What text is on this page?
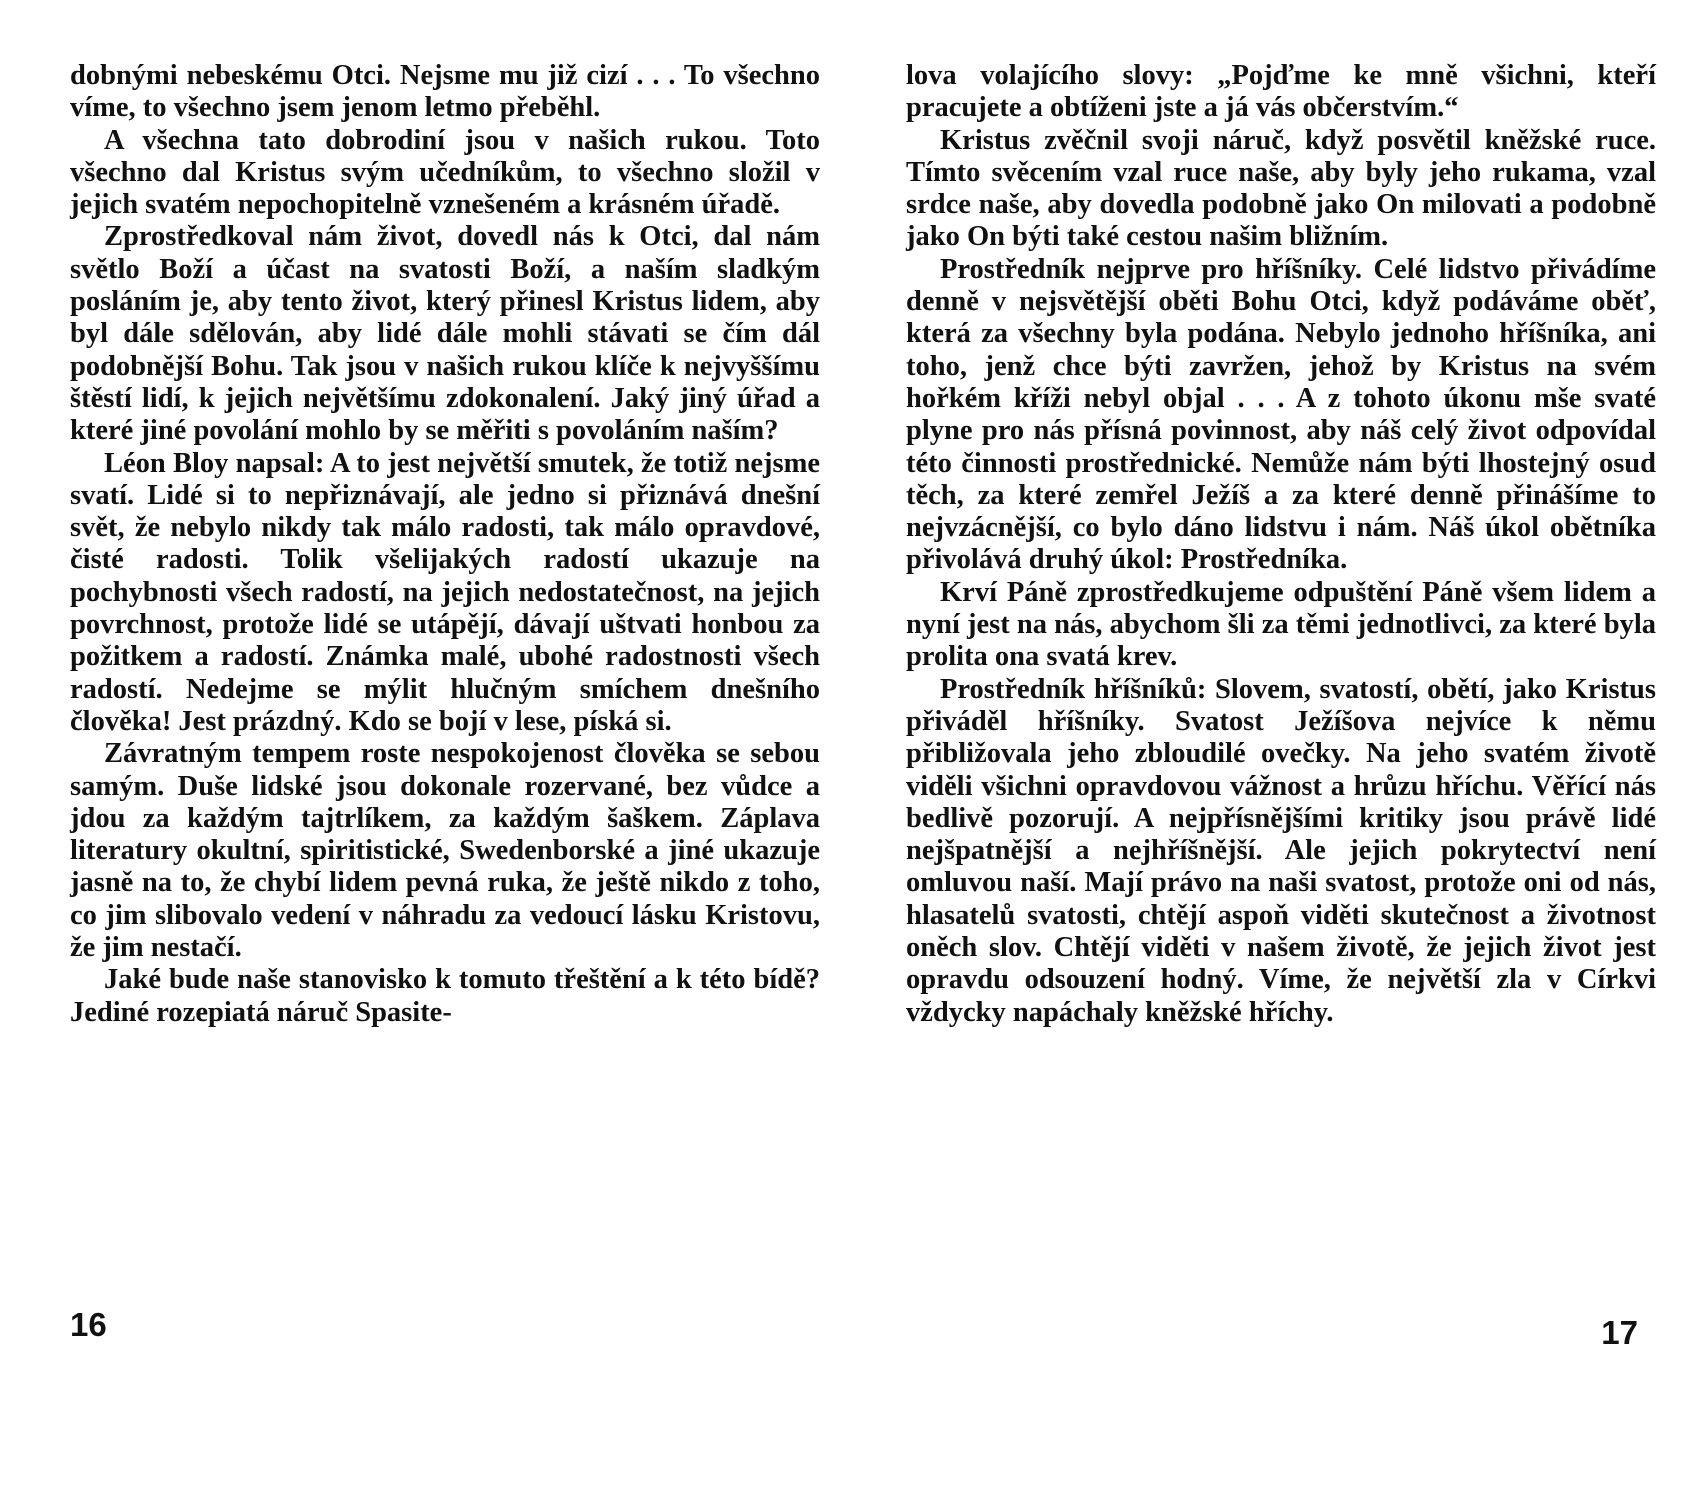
dobnými nebeskému Otci. Nejsme mu již cizí . . . To všechno víme, to všechno jsem jenom letmo přeběhl.

A všechna tato dobrodiní jsou v našich rukou. Toto všechno dal Kristus svým učedníkům, to všechno složil v jejich svatém nepochopitelně vznešeném a krásném úřadě.

Zprostředkoval nám život, dovedl nás k Otci, dal nám světlo Boží a účast na svatosti Boží, a naším sladkým posláním je, aby tento život, který přinesl Kristus lidem, aby byl dále sdělován, aby lidé dále mohli stávati se čím dál podobnější Bohu. Tak jsou v našich rukou klíče k nejvyššímu štěstí lidí, k jejich největšímu zdokonalení. Jaký jiný úřad a které jiné povolání mohlo by se měřiti s povoláním naším?

Léon Bloy napsal: A to jest největší smutek, že totiž nejsme svatí. Lidé si to nepřiznávají, ale jedno si přiznává dnešní svět, že nebylo nikdy tak málo radosti, tak málo opravdové, čisté radosti. Tolik všelijakých radostí ukazuje na pochybnosti všech radostí, na jejich nedostatečnost, na jejich povrchnost, protože lidé se utápějí, dávají uštvati honbou za požitkem a radostí. Známka malé, ubohé radostnosti všech radostí. Nedejme se mýlit hlučným smíchem dnešního člověka! Jest prázdný. Kdo se bojí v lese, píská si.

Závratným tempem roste nespokojenost člověka se sebou samým. Duše lidské jsou dokonale rozervané, bez vůdce a jdou za každým tajtrlíkem, za každým šaškem. Záplava literatury okultní, spiritistické, Swedenborské a jiné ukazuje jasně na to, že chybí lidem pevná ruka, že ještě nikdo z toho, co jim slibovalo vedení v náhradu za vedoucí lásku Kristovu, že jim nestačí.

Jaké bude naše stanovisko k tomuto třeštění a k této bídě? Jediné rozepiatá náruč Spasite-

16

lova volajícího slovy: „Pojďme ke mně všichni, kteří pracujete a obtíženi jste a já vás občerstvím.“

Kristus zvěčnil svoji náruč, když posvětil kněžské ruce. Tímto svěcením vzal ruce naše, aby byly jeho rukama, vzal srdce naše, aby dovedla podobně jako On milovati a podobně jako On býti také cestou našim bližním.

Prostředník nejprve pro hříšníky. Celé lidstvo přivádíme denně v nejsvětější oběti Bohu Otci, když podáváme oběť, která za všechny byla podána. Nebylo jednoho hříšníka, ani toho, jenž chce býti zavržen, jehož by Kristus na svém hořkém kříži nebyl objal . . . A z tohoto úkonu mše svaté plyne pro nás přísná povinnost, aby náš celý život odpovídal této činnosti prostřednické. Nemůže nám býti lhostejný osud těch, za které zemřel Ježíš a za které denně přinášíme to nejvzácnější, co bylo dáno lidstvu i nám. Náš úkol obětníka přivolává druhý úkol: Prostředníka.

Krví Páně zprostředkujeme odpuštění Páně všem lidem a nyní jest na nás, abychom šli za těmi jednotlivci, za které byla prolita ona svatá krev.

Prostředník hříšníků: Slovem, svatostí, obětí, jako Kristus přiváděl hříšníky. Svatost Ježíšova nejvíce k němu přibližovala jeho zbloudilé ovečky. Na jeho svatém životě viděli všichni opravdovou vážnost a hrůzu hříchu. Věřící nás bedlivě pozorují. A nejpřísnějšími kritiky jsou právě lidé nejšpatnější a nejhříšnější. Ale jejich pokrytectví není omluvou naší. Mají právo na naši svatost, protože oni od nás, hlasatelů svatosti, chtějí aspoň viděti skutečnost a životnost oněch slov. Chtějí viděti v našem životě, že jejich život jest opravdu odsouzení hodný. Víme, že největší zla v Církvi vždycky napáchaly kněžské hříchy.

17
